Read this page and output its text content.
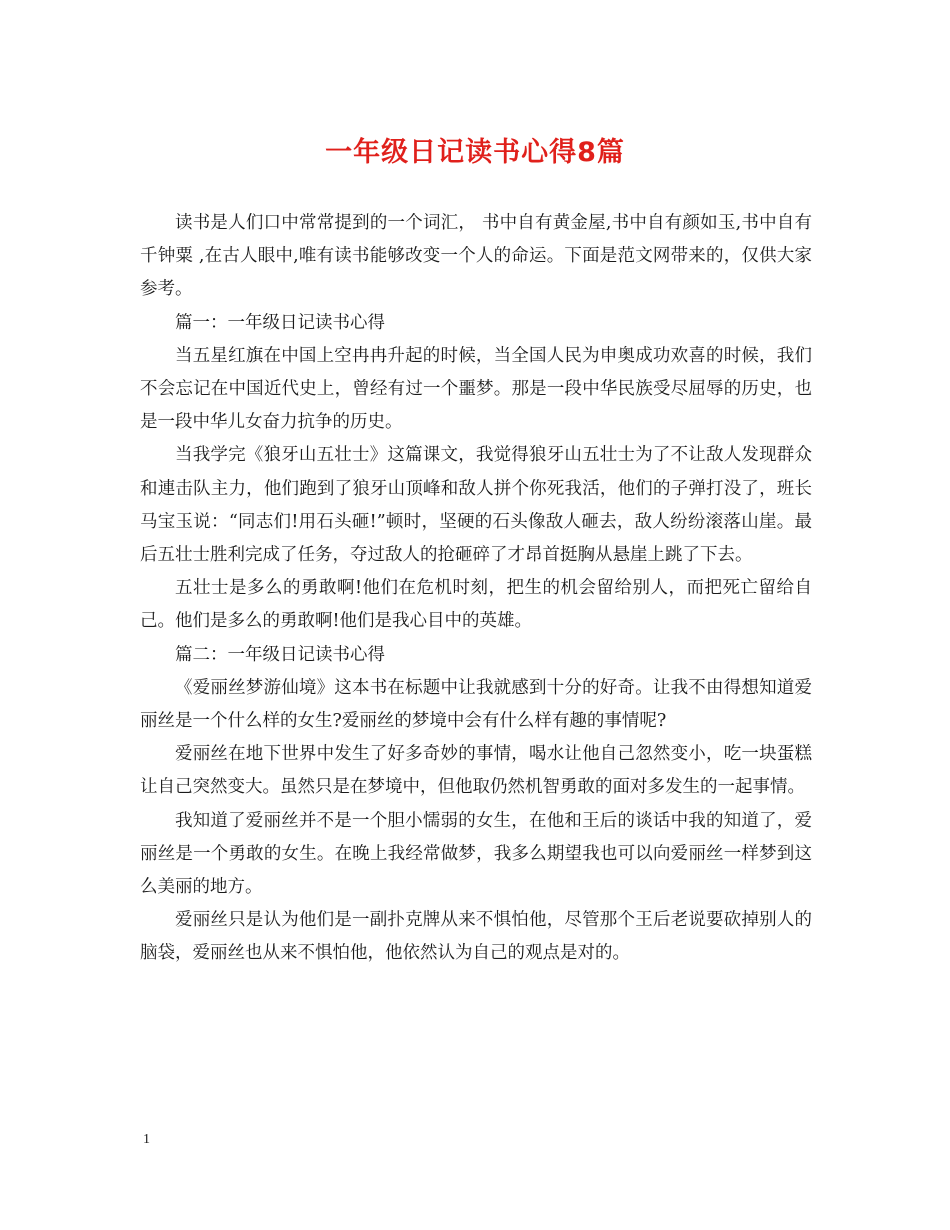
一年级日记读书心得8篇

读书是人们口中常常提到的一个词汇， 书中自有黄金屋,书中自有颜如玉,书中自有千钟粟 ,在古人眼中,唯有读书能够改变一个人的命运。下面是范文网带来的，仅供大家参考。

篇一：一年级日记读书心得

当五星红旗在中国上空冉冉升起的时候，当全国人民为申奥成功欢喜的时候，我们不会忘记在中国近代史上，曾经有过一个噩梦。那是一段中华民族受尽屈辱的历史，也是一段中华儿女奋力抗争的历史。

当我学完《狼牙山五壮士》这篇课文，我觉得狼牙山五壮士为了不让敌人发现群众和連击队主力，他们跑到了狼牙山顶峰和敌人拼个你死我活，他们的子弹打没了，班长马宝玉说：“同志们!用石头砸!”顿时，坚硬的石头像敌人砸去，敌人纷纷滚落山崖。最后五壮士胜利完成了任务，夺过敌人的抢砸碎了才昂首挺胸从悬崖上跳了下去。

五壮士是多么的勇敢啊!他们在危机时刻，把生的机会留给别人，而把死亡留给自己。他们是多么的勇敢啊!他们是我心目中的英雄。

篇二：一年级日记读书心得

《爱丽丝梦游仙境》这本书在标题中让我就感到十分的好奇。让我不由得想知道爱丽丝是一个什么样的女生?爱丽丝的梦境中会有什么样有趣的事情呢?

爱丽丝在地下世界中发生了好多奇妙的事情，喝水让他自己忽然变小，吃一块蛋糕让自己突然变大。虽然只是在梦境中，但他取仍然机智勇敢的面对多发生的一起事情。

我知道了爱丽丝并不是一个胆小懦弱的女生，在他和王后的谈话中我的知道了，爱丽丝是一个勇敢的女生。在晚上我经常做梦，我多么期望我也可以向爱丽丝一样梦到这么美丽的地方。

爱丽丝只是认为他们是一副扑克牌从来不惧怕他，尽管那个王后老说要砍掉别人的脑袋，爱丽丝也从来不惧怕他，他依然认为自己的观点是对的。

1
